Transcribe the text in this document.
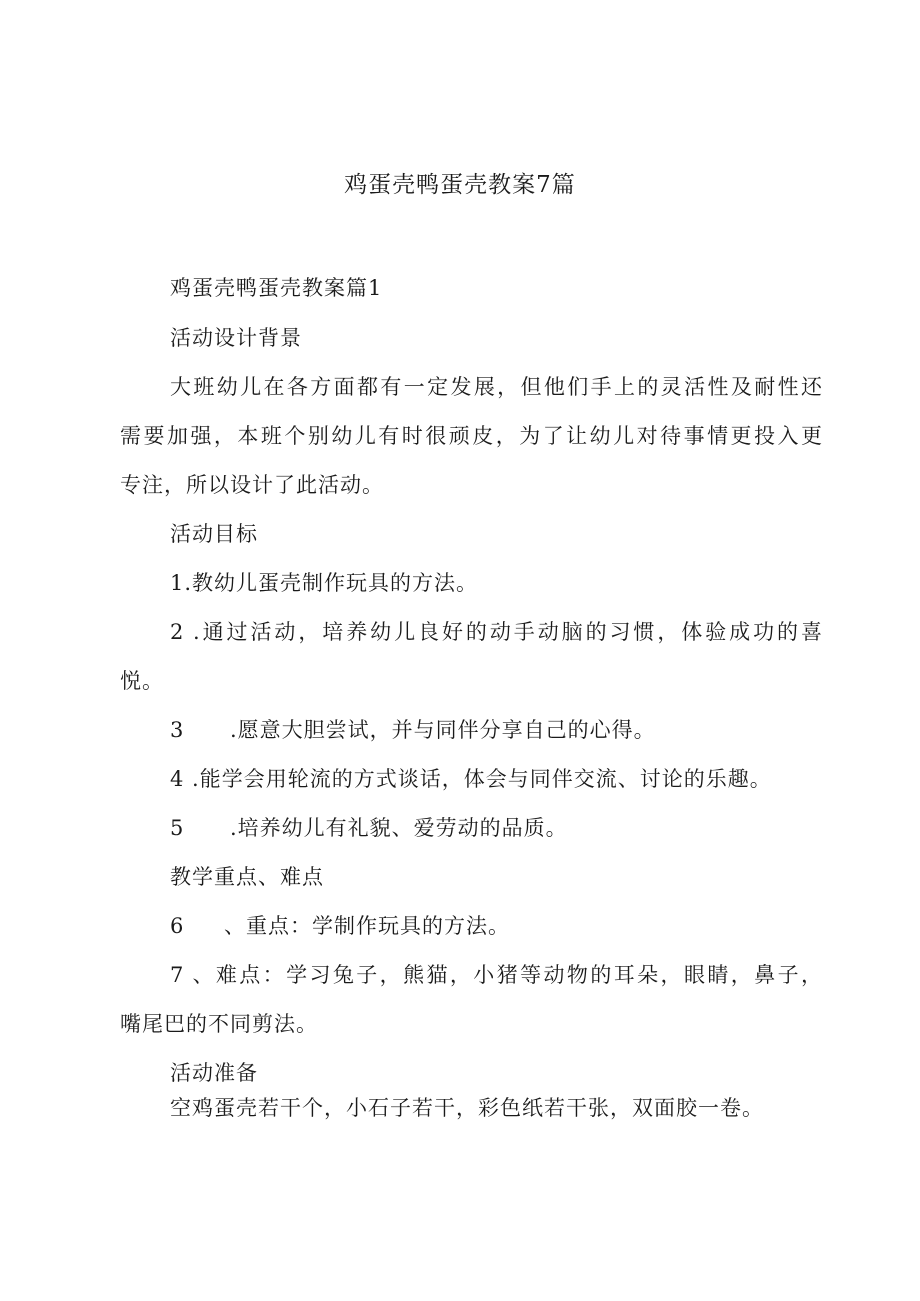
鸡蛋壳鸭蛋壳教案7篇
鸡蛋壳鸭蛋壳教案篇1
活动设计背景
大班幼儿在各方面都有一定发展，但他们手上的灵活性及耐性还
需要加强，本班个别幼儿有时很顽皮，为了让幼儿对待事情更投入更
专注，所以设计了此活动。
活动目标
1.教幼儿蛋壳制作玩具的方法。
2 .通过活动，培养幼儿良好的动手动脑的习惯，体验成功的喜
悦。
3 .愿意大胆尝试，并与同伴分享自己的心得。
4 .能学会用轮流的方式谈话，体会与同伴交流、讨论的乐趣。
5 .培养幼儿有礼貌、爱劳动的品质。
教学重点、难点
6 、重点：学制作玩具的方法。
7 、难点：学习兔子，熊猫，小猪等动物的耳朵，眼睛，鼻子，
嘴尾巴的不同剪法。
活动准备
空鸡蛋壳若干个，小石子若干，彩色纸若干张，双面胶一卷。
